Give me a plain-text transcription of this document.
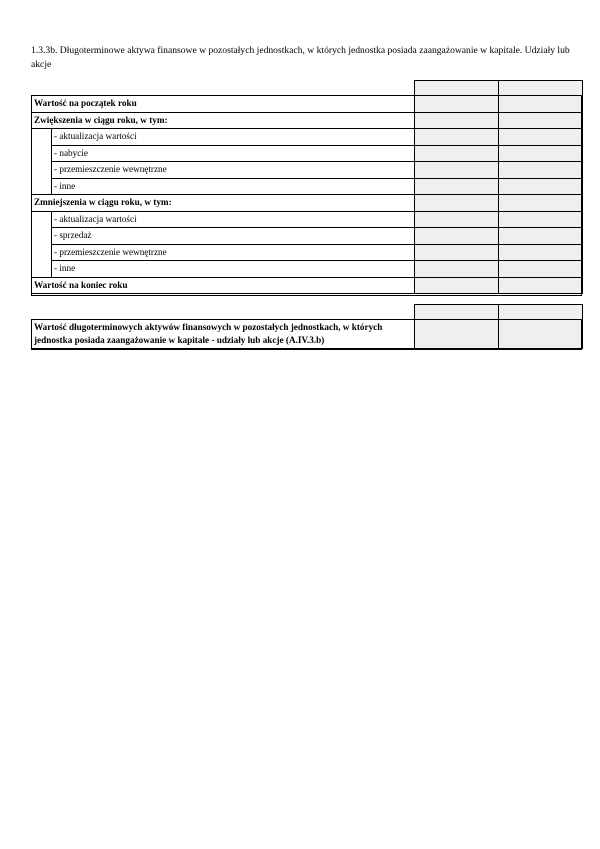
1.3.3b. Długoterminowe aktywa finansowe w pozostałych jednostkach, w których jednostka posiada zaangażowanie w kapitale. Udziały lub akcje

Wartość na początek roku			
Zwiększenia w ciągu roku, w tym:			
	- aktualizacja wartości		
	- nabycie		
	- przemieszczenie wewnętrzne		
	- inne		
Zmniejszenia w ciągu roku, w tym:			
	- aktualizacja wartości		
	- sprzedaż		
	- przemieszczenie wewnętrzne		
	- inne		
Wartość na koniec roku			

Wartość długoterminowych aktywów finansowych w pozostałych jednostkach, w których jednostka posiada zaangażowanie w kapitale - udziały lub akcje (A.IV.3.b)		
